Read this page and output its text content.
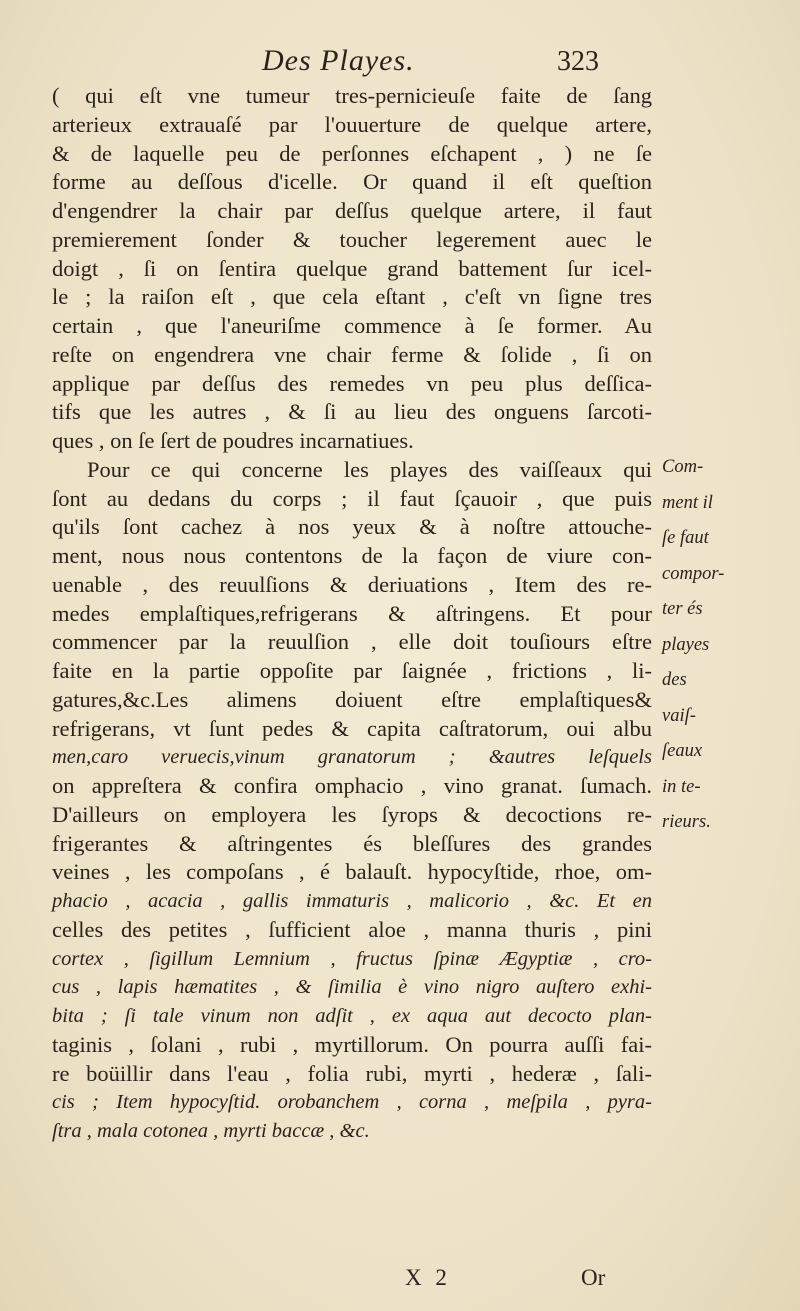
Des Playes.	323
( qui eſt vne tumeur tres-pernicieuſe faite de ſang
arterieux extrauaſé par l'ouuerture de quelque artere,
& de laquelle peu de perſonnes eſchapent , ) ne ſe
forme au deſſous d'icelle. Or quand il eſt queſtion
d'engendrer la chair par deſſus quelque artere, il faut
premierement ſonder & toucher legerement auec le
doigt , ſi on ſentira quelque grand battement ſur icel-
le ; la raiſon eſt , que cela eſtant , c'eſt vn ſigne tres
certain , que l'aneuriſme commence à ſe former. Au
reſte on engendrera vne chair ferme & ſolide , ſi on
applique par deſſus des remedes vn peu plus deſſica-
tifs que les autres , & ſi au lieu des onguens ſarcoti-
ques , on ſe ſert de poudres incarnatiues.
Pour ce qui concerne les playes des vaiſſeaux qui
ſont au dedans du corps ; il faut ſçauoir , que puis
qu'ils ſont cachez à nos yeux & à noſtre attouche-
ment, nous nous contentons de la façon de viure con-
uenable , des reuulſions & deriuations , Item des re-
medes emplaſtiques,refrigerans & aſtringens. Et pour
commencer par la reuulſion , elle doit touſiours eſtre
faite en la partie oppoſite par ſaignée , frictions , li-
gatures,&c.Les alimens doiuent eſtre emplaſtiques&
refrigerans, vt ſunt pedes & capita caſtratorum, oui albu
men,caro veruecis,vinum granatorum ; &autres leſquels
on appreſtera & confira omphacio , vino granat. ſumach.
D'ailleurs on employera les ſyrops & decoctions re-
frigerantes & aſtringentes és bleſſures des grandes
veines , les compoſans , é balauſt. hypocyſtide, rhoe, om-
phacio , acacia , gallis immaturis , malicorio , &c. Et en
celles des petites , ſufficient aloe , manna thuris , pini
cortex , ſigillum Lemnium , fructus ſpinæ Ægyptiæ , cro-
cus , lapis hæmatites , & ſimilia è vino nigro auſtero exhi-
bita ; ſi tale vinum non adſit , ex aqua aut decocto plan-
taginis , ſolani , rubi , myrtillorum. On pourra auſſi fai-
re boüillir dans l'eau , folia rubi, myrti , hederæ , ſali-
cis ; Item hypocyſtid. orobanchem , corna , meſpila , pyra-
ſtra , mala cotonea , myrti baccæ , &c.
Com-
ment il
ſe faut
compor-
ter és
playes
des
vaiſ-
ſeaux
in te-
rieurs.
X 2	Or
